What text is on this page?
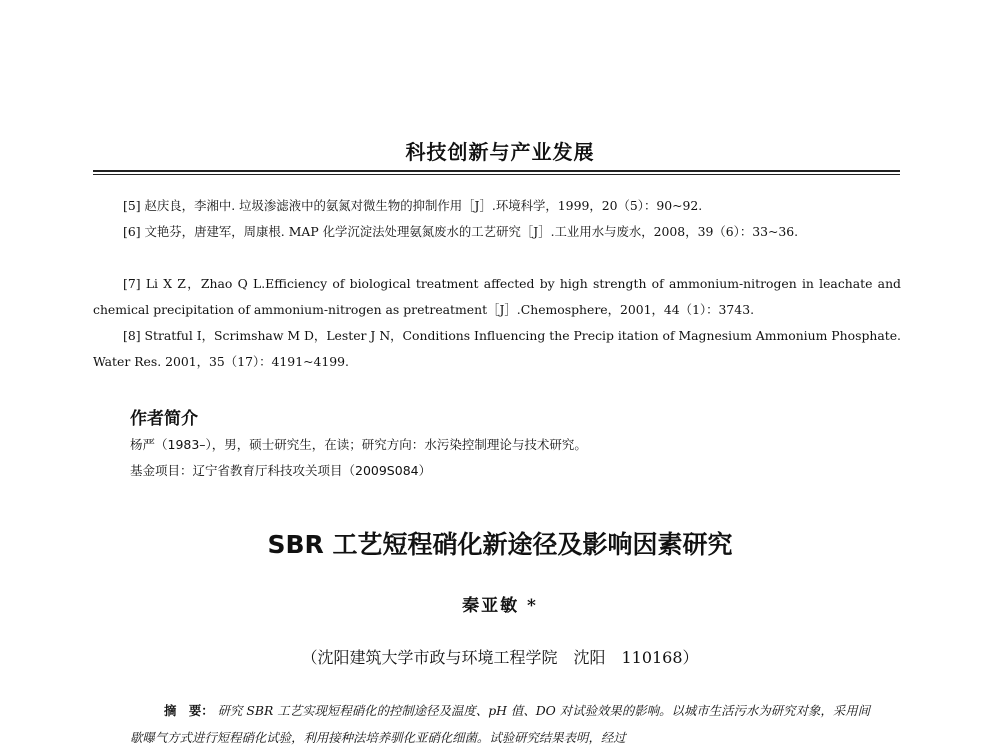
科技创新与产业发展
[5] 赵庆良，李湘中. 垃圾渗滤液中的氨氮对微生物的抑制作用［J］.环境科学，1999，20（5）：90~92.
[6] 文艳芬，唐建军，周康根. MAP 化学沉淀法处理氨氮废水的工艺研究［J］.工业用水与废水，2008，39（6）：33~36.
[7] Li X Z，Zhao Q L.Efficiency of biological treatment affected by high strength of ammonium-nitrogen in leachate and chemical precipitation of ammonium-nitrogen as pretreatment［J］.Chemosphere，2001，44（1）：3743.
[8] Stratful I，Scrimshaw M D，Lester J N，Conditions Influencing the Precip itation of Magnesium Ammonium Phosphate. Water Res. 2001，35（17）：4191~4199.
作者简介
杨严（1983–），男，硕士研究生，在读；研究方向：水污染控制理论与技术研究。
基金项目：辽宁省教育厅科技攻关项目（2009S084）
SBR 工艺短程硝化新途径及影响因素研究
秦亚敏 *
（沈阳建筑大学市政与环境工程学院　沈阳　110168）
摘　要： 研究 SBR 工艺实现短程硝化的控制途径及温度、pH 值、DO 对试验效果的影响。以城市生活污水为研究对象，采用间歇曝气方式进行短程硝化试验，利用接种法培养驯化亚硝化细菌。试验研究结果表明，经过
